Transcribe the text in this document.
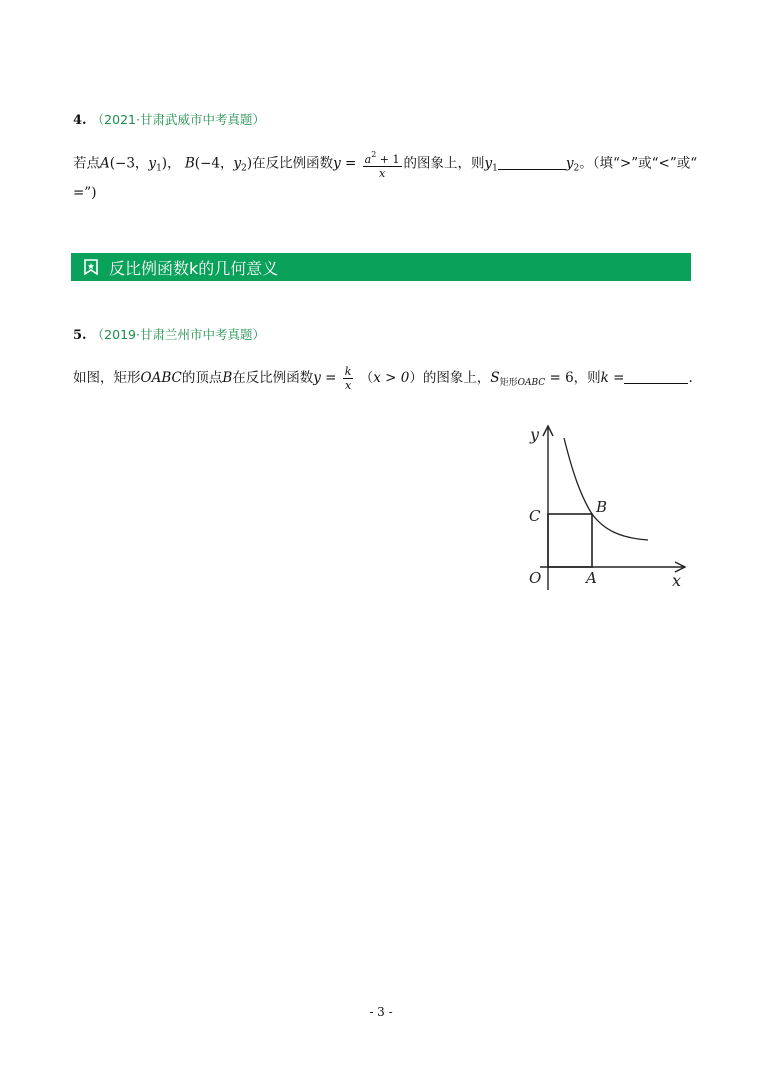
4. （2021·甘肃武威市中考真题）
若点A(−3，$y_1$)， B(−4，$y_2$)在反比例函数$y = \frac{a^2 + 1}{x}$ 的图象上，则$y_1$	$y_2$。（填“>”或“<”或“
=”)
反比例函数k的几何意义
5. （2019·甘肃兰州市中考真题）
如图，矩形OABC的顶点B在反比例函数$y = \frac{k}{x} (x > 0)$的图象上，$S_{矩形OABC} = 6$，则k =	.
y
x
O	A
B
C
- 3 -
